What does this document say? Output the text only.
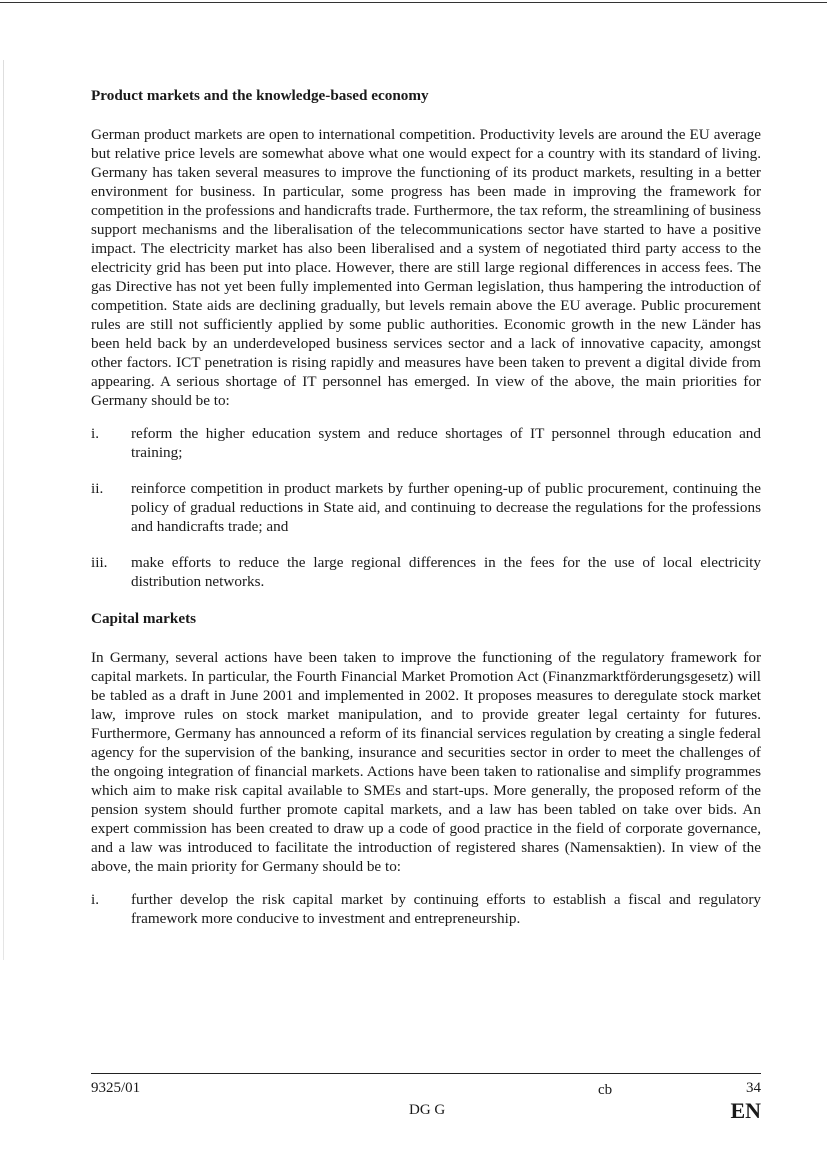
Product markets and the knowledge-based economy

German product markets are open to international competition. Productivity levels are around the EU average but relative price levels are somewhat above what one would expect for a country with its standard of living. Germany has taken several measures to improve the functioning of its product markets, resulting in a better environment for business. In particular, some progress has been made in improving the framework for competition in the professions and handicrafts trade. Furthermore, the tax reform, the streamlining of business support mechanisms and the liberalisation of the telecommunications sector have started to have a positive impact. The electricity market has also been liberalised and a system of negotiated third party access to the electricity grid has been put into place. However, there are still large regional differences in access fees. The gas Directive has not yet been fully implemented into German legislation, thus hampering the introduction of competition. State aids are declining gradually, but levels remain above the EU average. Public procurement rules are still not sufficiently applied by some public authorities. Economic growth in the new Länder has been held back by an underdeveloped business services sector and a lack of innovative capacity, amongst other factors. ICT penetration is rising rapidly and measures have been taken to prevent a digital divide from appearing. A serious shortage of IT personnel has emerged. In view of the above, the main priorities for Germany should be to:

i.	reform the higher education system and reduce shortages of IT personnel through education and training;
ii.	reinforce competition in product markets by further opening-up of public procurement, continuing the policy of gradual reductions in State aid, and continuing to decrease the regulations for the professions and handicrafts trade; and
iii.	make efforts to reduce the large regional differences in the fees for the use of local electricity distribution networks.
Capital markets

In Germany, several actions have been taken to improve the functioning of the regulatory framework for capital markets. In particular, the Fourth Financial Market Promotion Act (Finanzmarktförderungsgesetz) will be tabled as a draft in June 2001 and implemented in 2002. It proposes measures to deregulate stock market law, improve rules on stock market manipulation, and to provide greater legal certainty for futures. Furthermore, Germany has announced a reform of its financial services regulation by creating a single federal agency for the supervision of the banking, insurance and securities sector in order to meet the challenges of the ongoing integration of financial markets. Actions have been taken to rationalise and simplify programmes which aim to make risk capital available to SMEs and start-ups. More generally, the proposed reform of the pension system should further promote capital markets, and a law has been tabled on take over bids. An expert commission has been created to draw up a code of good practice in the field of corporate governance, and a law was introduced to facilitate the introduction of registered shares (Namensaktien). In view of the above, the main priority for Germany should be to:

i.	further develop the risk capital market by continuing efforts to establish a fiscal and regulatory framework more conducive to investment and entrepreneurship.
9325/01	cb	34
DG G	EN
